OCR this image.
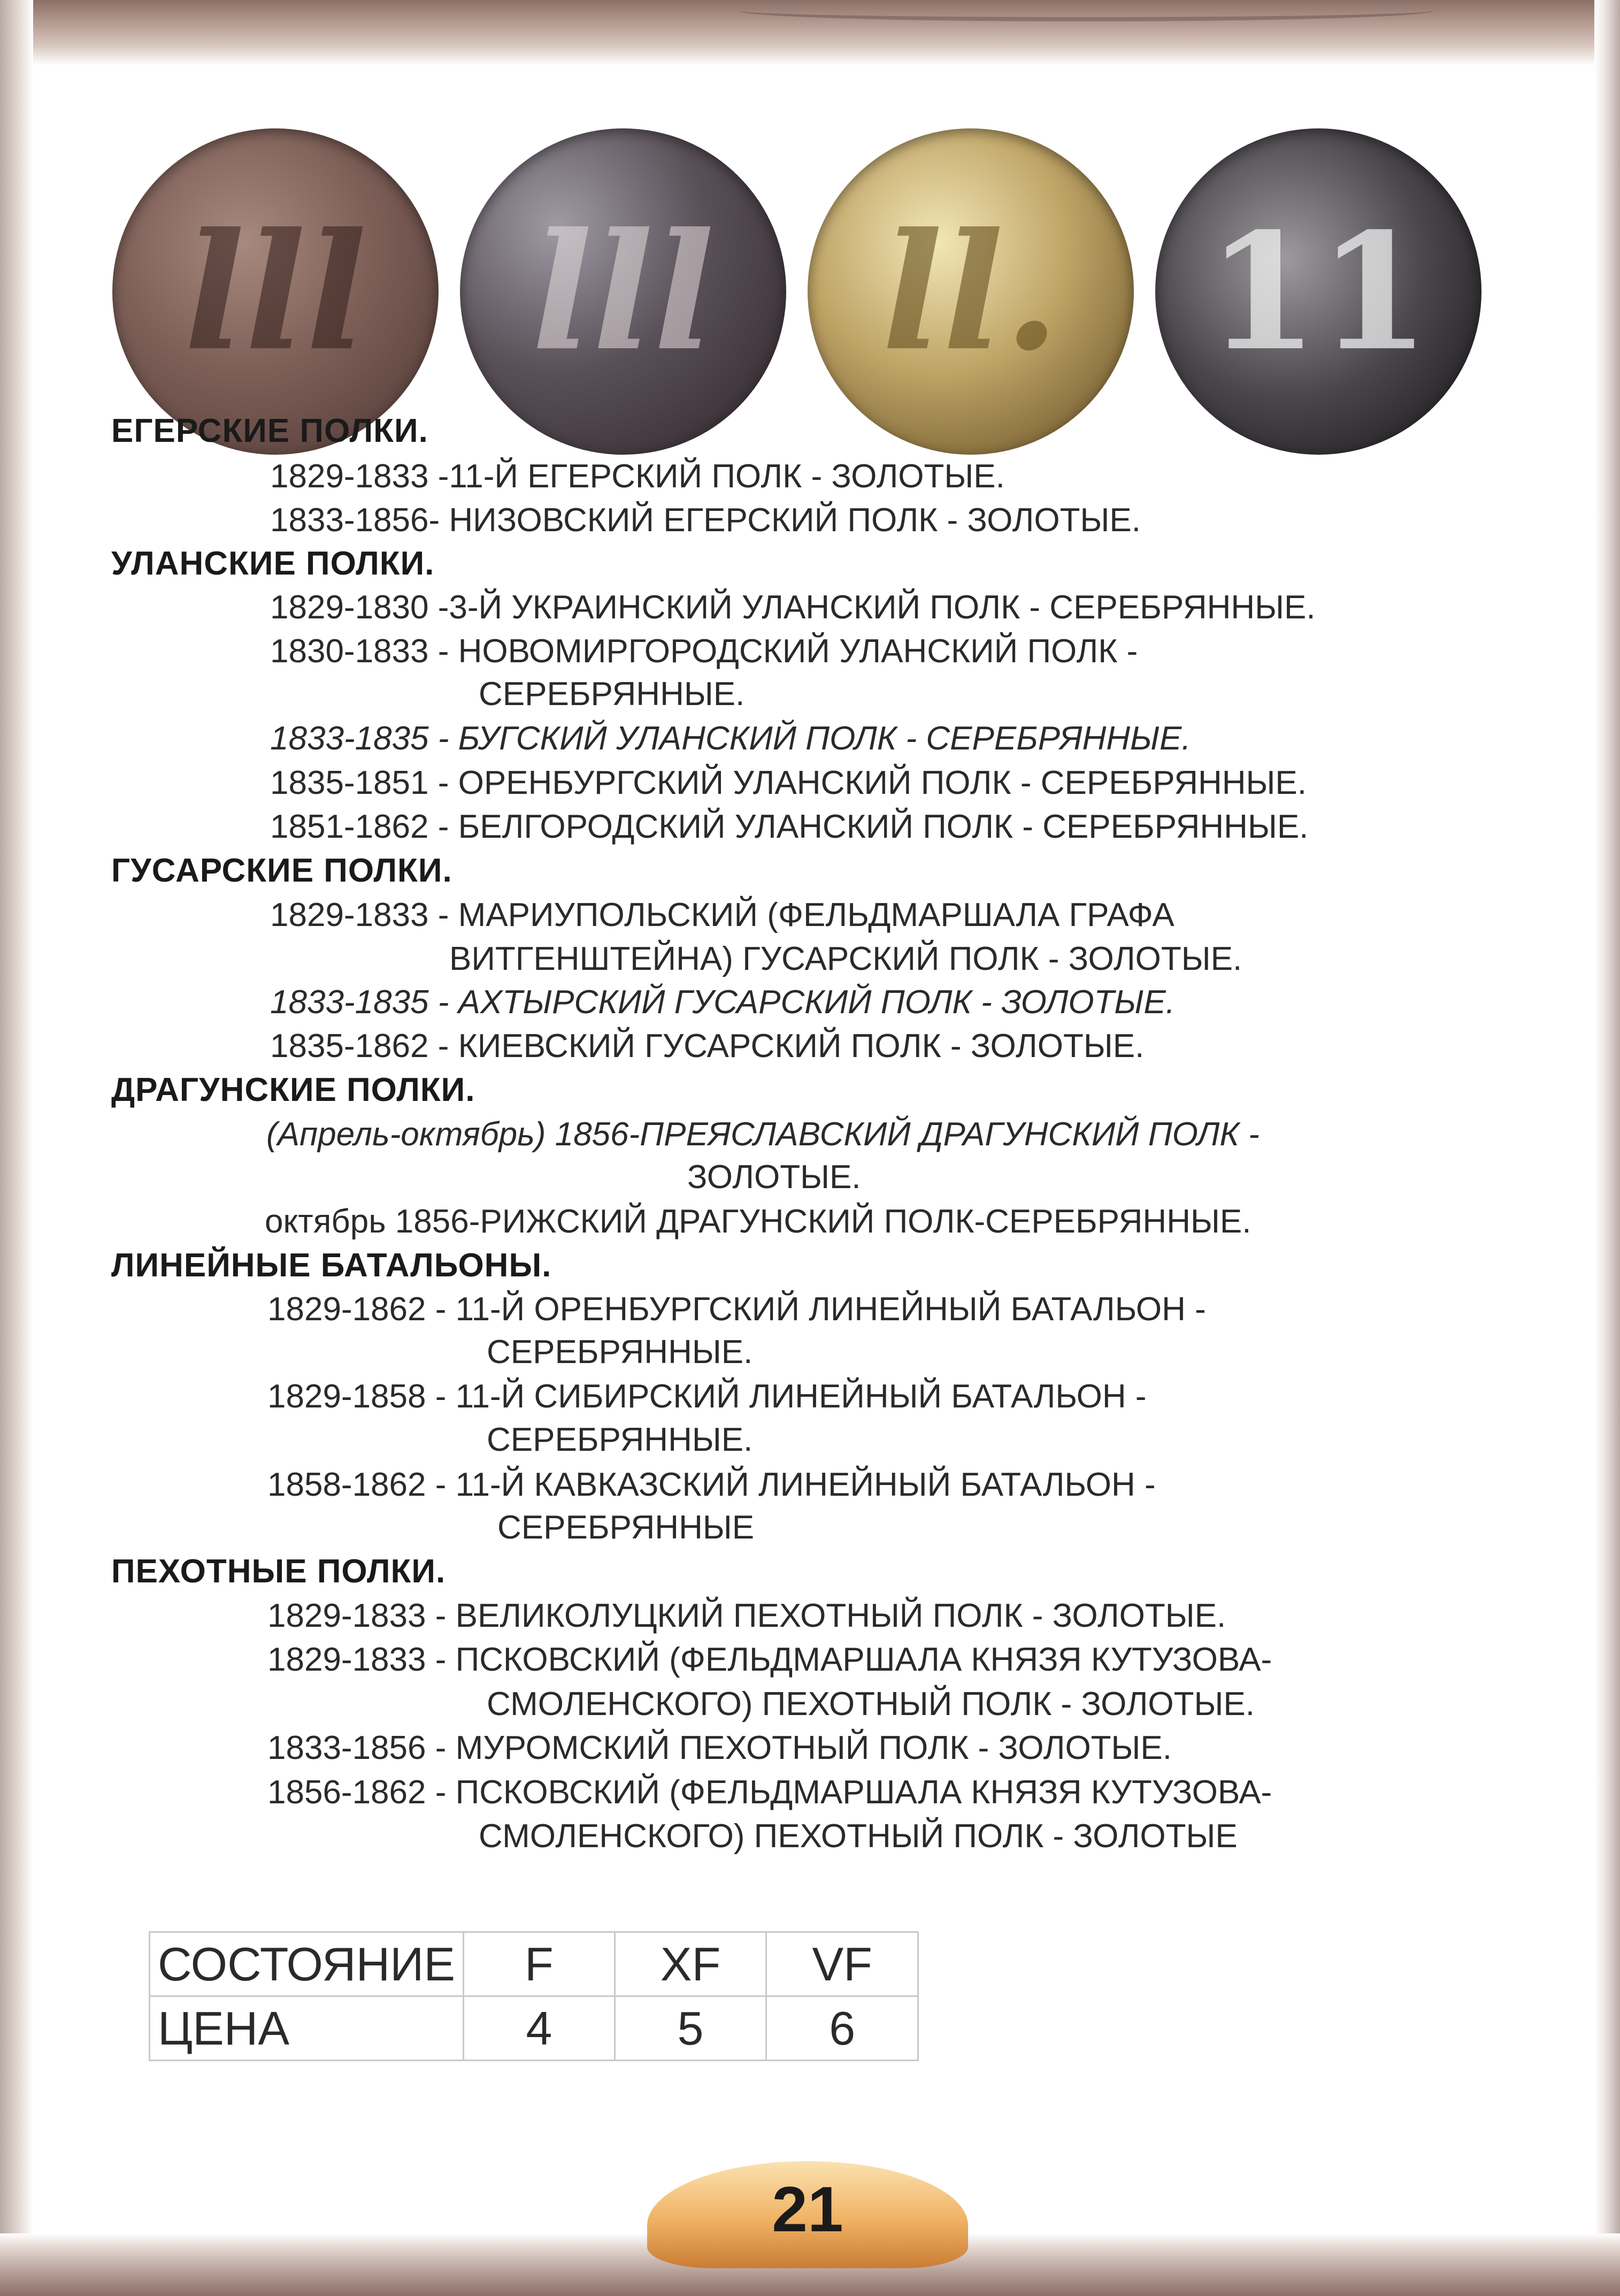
lll lll ll. 11
ЕГЕРСКИЕ ПОЛКИ.
1829-1833 -11-Й ЕГЕРСКИЙ ПОЛК - ЗОЛОТЫЕ.
1833-1856- НИЗОВСКИЙ ЕГЕРСКИЙ ПОЛК - ЗОЛОТЫЕ.
УЛАНСКИЕ ПОЛКИ.
1829-1830 -3-Й УКРАИНСКИЙ УЛАНСКИЙ ПОЛК - СЕРЕБРЯННЫЕ.
1830-1833 - НОВОМИРГОРОДСКИЙ УЛАНСКИЙ ПОЛК -
СЕРЕБРЯННЫЕ.
1833-1835 - БУГСКИЙ УЛАНСКИЙ ПОЛК - СЕРЕБРЯННЫЕ.
1835-1851 - ОРЕНБУРГСКИЙ УЛАНСКИЙ ПОЛК - СЕРЕБРЯННЫЕ.
1851-1862 - БЕЛГОРОДСКИЙ УЛАНСКИЙ ПОЛК - СЕРЕБРЯННЫЕ.
ГУСАРСКИЕ ПОЛКИ.
1829-1833 - МАРИУПОЛЬСКИЙ (ФЕЛЬДМАРШАЛА ГРАФА
ВИТГЕНШТЕЙНА) ГУСАРСКИЙ ПОЛК - ЗОЛОТЫЕ.
1833-1835 - АХТЫРСКИЙ ГУСАРСКИЙ ПОЛК - ЗОЛОТЫЕ.
1835-1862 - КИЕВСКИЙ ГУСАРСКИЙ ПОЛК - ЗОЛОТЫЕ.
ДРАГУНСКИЕ ПОЛКИ.
(Апрель-октябрь) 1856-ПРЕЯСЛАВСКИЙ ДРАГУНСКИЙ ПОЛК -
ЗОЛОТЫЕ.
октябрь 1856-РИЖСКИЙ ДРАГУНСКИЙ ПОЛК-СЕРЕБРЯННЫЕ.
ЛИНЕЙНЫЕ БАТАЛЬОНЫ.
1829-1862 - 11-Й ОРЕНБУРГСКИЙ ЛИНЕЙНЫЙ БАТАЛЬОН -
СЕРЕБРЯННЫЕ.
1829-1858 - 11-Й СИБИРСКИЙ ЛИНЕЙНЫЙ БАТАЛЬОН -
СЕРЕБРЯННЫЕ.
1858-1862 - 11-Й КАВКАЗСКИЙ ЛИНЕЙНЫЙ БАТАЛЬОН -
СЕРЕБРЯННЫЕ
ПЕХОТНЫЕ ПОЛКИ.
1829-1833 - ВЕЛИКОЛУЦКИЙ ПЕХОТНЫЙ ПОЛК - ЗОЛОТЫЕ.
1829-1833 - ПСКОВСКИЙ (ФЕЛЬДМАРШАЛА КНЯЗЯ КУТУЗОВА-
СМОЛЕНСКОГО) ПЕХОТНЫЙ ПОЛК - ЗОЛОТЫЕ.
1833-1856 - МУРОМСКИЙ ПЕХОТНЫЙ ПОЛК - ЗОЛОТЫЕ.
1856-1862 - ПСКОВСКИЙ (ФЕЛЬДМАРШАЛА КНЯЗЯ КУТУЗОВА-
СМОЛЕНСКОГО) ПЕХОТНЫЙ ПОЛК - ЗОЛОТЫЕ
СОСТОЯНИЕ	F	XF	VF
ЦЕНА	4	5	6
21
